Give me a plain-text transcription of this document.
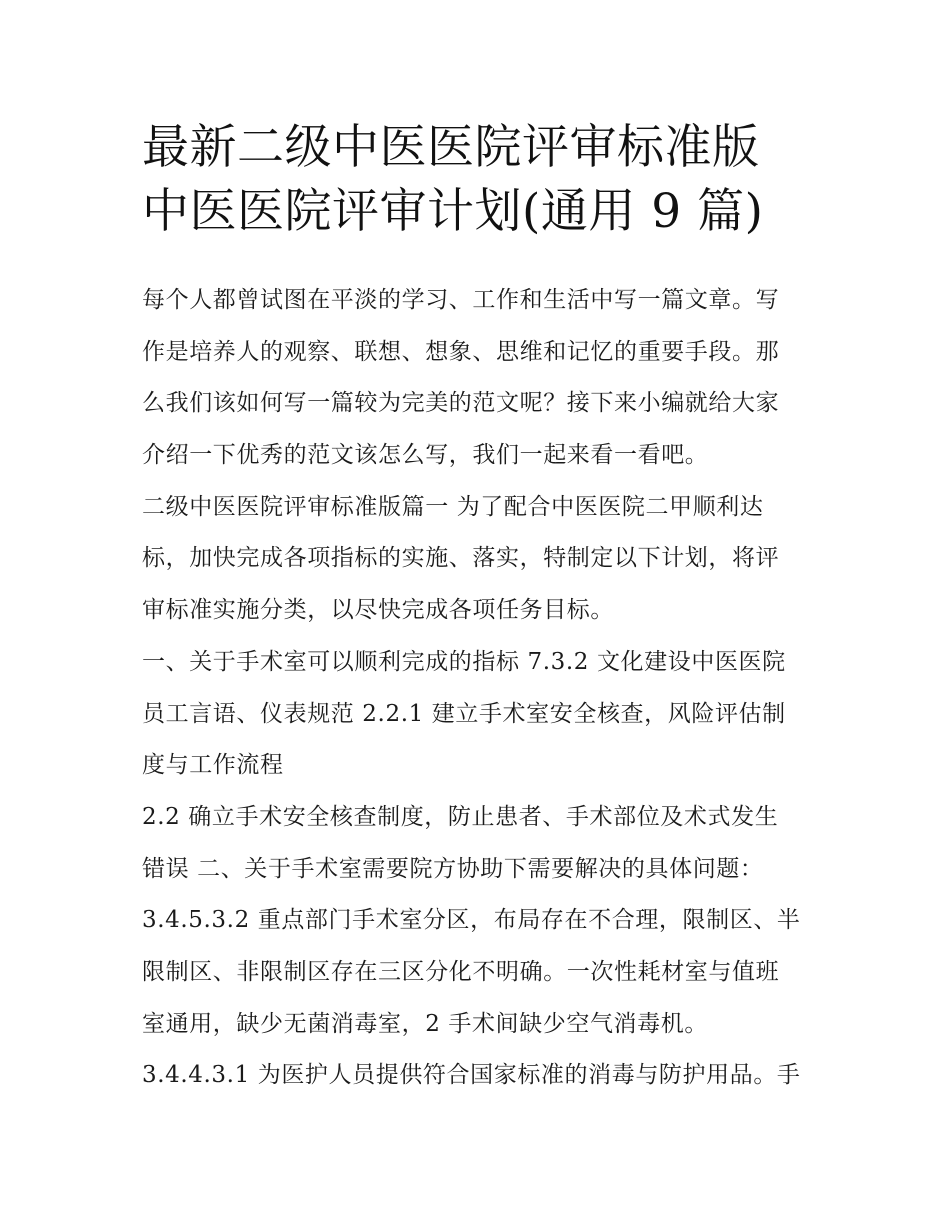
最新二级中医医院评审标准版
中医医院评审计划(通用 9 篇)
每个人都曾试图在平淡的学习、工作和生活中写一篇文章。写
作是培养人的观察、联想、想象、思维和记忆的重要手段。那
么我们该如何写一篇较为完美的范文呢？接下来小编就给大家
介绍一下优秀的范文该怎么写，我们一起来看一看吧。
二级中医医院评审标准版篇一 为了配合中医医院二甲顺利达
标，加快完成各项指标的实施、落实，特制定以下计划，将评
审标准实施分类，以尽快完成各项任务目标。
一、关于手术室可以顺利完成的指标 7.3.2 文化建设中医医院
员工言语、仪表规范 2.2.1 建立手术室安全核查，风险评估制
度与工作流程
2.2 确立手术安全核查制度，防止患者、手术部位及术式发生
错误 二、关于手术室需要院方协助下需要解决的具体问题：
3.4.5.3.2 重点部门手术室分区，布局存在不合理，限制区、半
限制区、非限制区存在三区分化不明确。一次性耗材室与值班
室通用，缺少无菌消毒室，2 手术间缺少空气消毒机。
3.4.4.3.1 为医护人员提供符合国家标准的消毒与防护用品。手
